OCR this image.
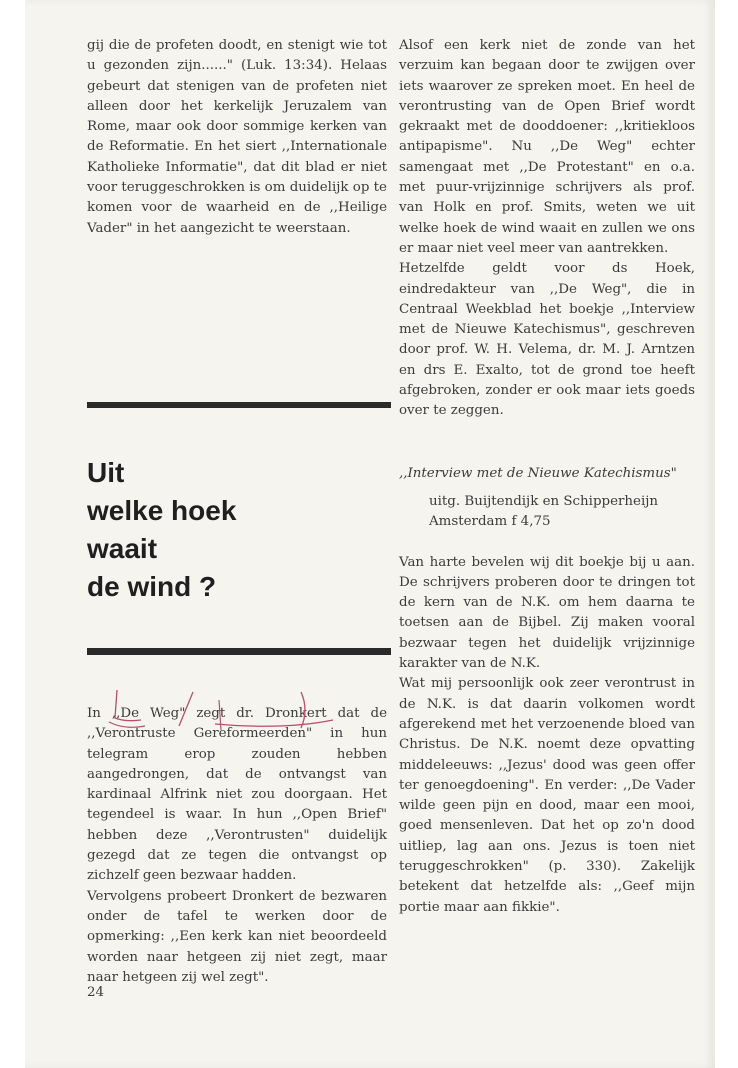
gij die de profeten doodt, en stenigt wie tot u gezonden zijn......" (Luk. 13:34). Helaas gebeurt dat stenigen van de profeten niet alleen door het kerkelijk Jeruzalem van Rome, maar ook door sommige kerken van de Reformatie. En het siert ,,Internationale Katholieke Informatie", dat dit blad er niet voor teruggeschrokken is om duidelijk op te komen voor de waarheid en de ,,Heilige Vader" in het aangezicht te weerstaan.

Uit
welke hoek
waait
de wind ?

In ,,De Weg" zegt dr. Dronkert dat de ,,Verontruste Gereformeerden" in hun telegram erop zouden hebben aangedrongen, dat de ontvangst van kardinaal Alfrink niet zou doorgaan. Het tegendeel is waar. In hun ,,Open Brief" hebben deze ,,Verontrusten" duidelijk gezegd dat ze tegen die ontvangst op zichzelf geen bezwaar hadden.

Vervolgens probeert Dronkert de bezwaren onder de tafel te werken door de opmerking: ,,Een kerk kan niet beoordeeld worden naar hetgeen zij niet zegt, maar naar hetgeen zij wel zegt".

Alsof een kerk niet de zonde van het verzuim kan begaan door te zwijgen over iets waarover ze spreken moet. En heel de verontrusting van de Open Brief wordt gekraakt met de dooddoener: ,,kritiekloos antipapisme". Nu ,,De Weg" echter samengaat met ,,De Protestant" en o.a. met puur-vrijzinnige schrijvers als prof. van Holk en prof. Smits, weten we uit welke hoek de wind waait en zullen we ons er maar niet veel meer van aantrekken.

Hetzelfde geldt voor ds Hoek, eindredakteur van ,,De Weg", die in Centraal Weekblad het boekje ,,Interview met de Nieuwe Katechismus", geschreven door prof. W. H. Velema, dr. M. J. Arntzen en drs E. Exalto, tot de grond toe heeft afgebroken, zonder er ook maar iets goeds over te zeggen.

,,Interview met de Nieuwe Katechismus"

uitg. Buijtendijk en Schipperheijn
Amsterdam f 4,75

Van harte bevelen wij dit boekje bij u aan. De schrijvers proberen door te dringen tot de kern van de N.K. om hem daarna te toetsen aan de Bijbel. Zij maken vooral bezwaar tegen het duidelijk vrijzinnige karakter van de N.K.

Wat mij persoonlijk ook zeer verontrust in de N.K. is dat daarin volkomen wordt afgerekend met het verzoenende bloed van Christus. De N.K. noemt deze opvatting middeleeuws: ,,Jezus' dood was geen offer ter genoegdoening". En verder: ,,De Vader wilde geen pijn en dood, maar een mooi, goed mensenleven. Dat het op zo'n dood uitliep, lag aan ons. Jezus is toen niet teruggeschrokken" (p. 330). Zakelijk betekent dat hetzelfde als: ,,Geef mijn portie maar aan fikkie".

24
